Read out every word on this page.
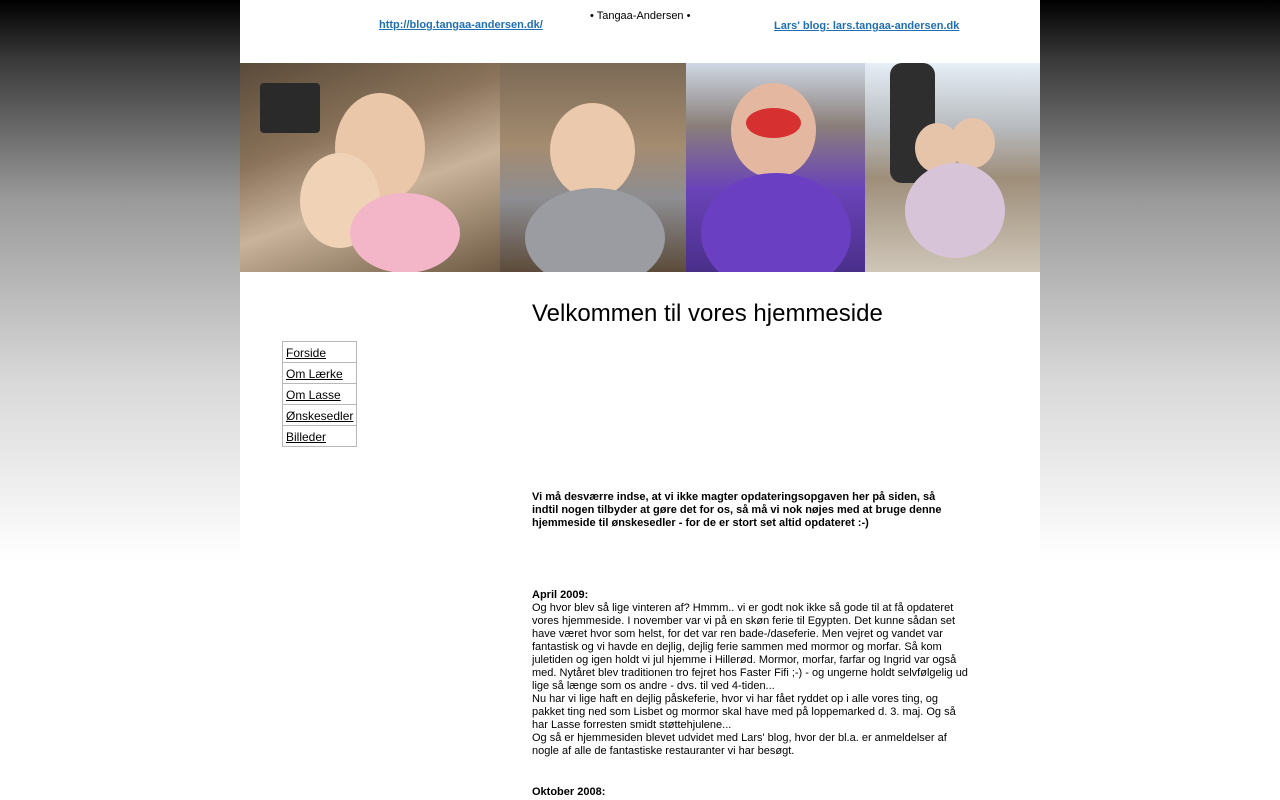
http://blog.tangaa-andersen.dk/
• Tangaa-Andersen •
Lars' blog: lars.tangaa-andersen.dk
Forside
Om Lærke
Om Lasse
Ønskesedler
Billeder
Velkommen til vores hjemmeside
Vi må desværre indse, at vi ikke magter opdateringsopgaven her på siden, så indtil nogen tilbyder at gøre det for os, så må vi nok nøjes med at bruge denne hjemmeside til ønskesedler - for de er stort set altid opdateret :-)
April 2009:

Og hvor blev så lige vinteren af? Hmmm.. vi er godt nok ikke så gode til at få opdateret vores hjemmeside. I november var vi på en skøn ferie til Egypten. Det kunne sådan set have været hvor som helst, for det var ren bade-/daseferie. Men vejret og vandet var fantastisk og vi havde en dejlig, dejlig ferie sammen med mormor og morfar. Så kom juletiden og igen holdt vi jul hjemme i Hillerød. Mormor, morfar, farfar og Ingrid var også med. Nytåret blev traditionen tro fejret hos Faster Fifi ;-) - og ungerne holdt selvfølgelig ud lige så længe som os andre - dvs. til ved 4-tiden...

Nu har vi lige haft en dejlig påskeferie, hvor vi har fået ryddet op i alle vores ting, og pakket ting ned som Lisbet og mormor skal have med på loppemarked d. 3. maj. Og så har Lasse forresten smidt støttehjulene...

Og så er hjemmesiden blevet udvidet med Lars' blog, hvor der bl.a. er anmeldelser af nogle af alle de fantastiske restauranter vi har besøgt.

Oktober 2008:
